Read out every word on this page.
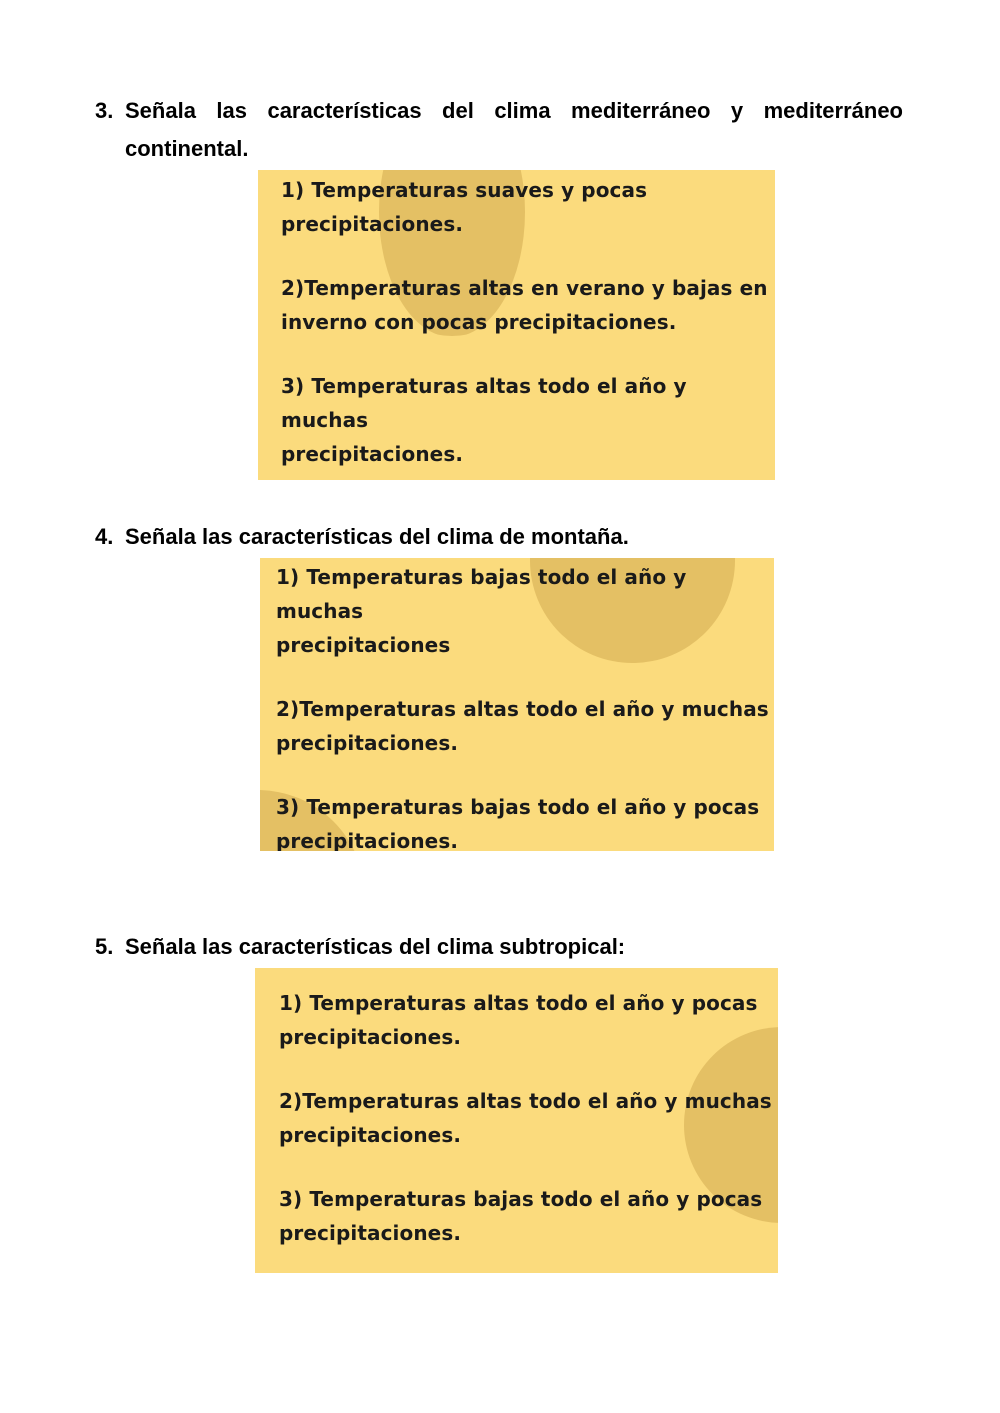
3. Señala las características del clima mediterráneo y mediterráneo continental.
1) Temperaturas suaves y pocas
precipitaciones.
2)Temperaturas altas en verano y bajas en
inverno con pocas precipitaciones.
3) Temperaturas altas todo el año y muchas
precipitaciones.
4. Señala las características del clima de montaña.
1) Temperaturas bajas todo el año y muchas
precipitaciones
2)Temperaturas altas todo el año y muchas
precipitaciones.
3) Temperaturas bajas todo el año y pocas
precipitaciones.
5. Señala las características del clima subtropical:
1) Temperaturas altas todo el año y pocas
precipitaciones.
2)Temperaturas altas todo el año y muchas
precipitaciones.
3) Temperaturas bajas todo el año y pocas
precipitaciones.
